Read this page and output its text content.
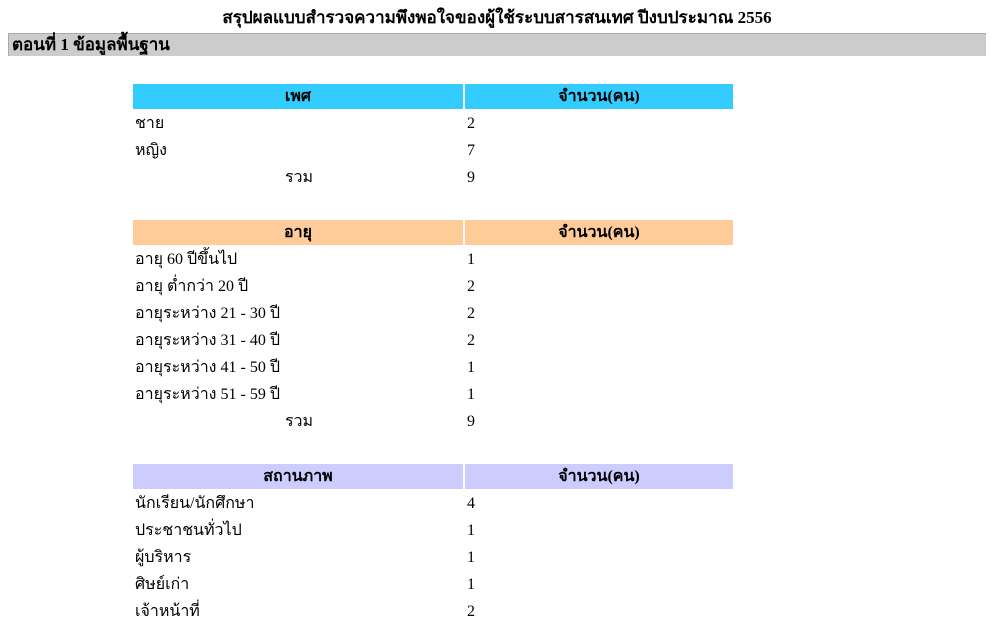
สรุปผลแบบสำรวจความพึงพอใจของผู้ใช้ระบบสารสนเทศ ปีงบประมาณ 2556
ตอนที่ 1 ข้อมูลพื้นฐาน
เพศ	จำนวน(คน)
ชาย	2
หญิง	7
รวม	9
อายุ	จำนวน(คน)
อายุ 60 ปีขึ้นไป	1
อายุ ต่ำกว่า 20 ปี	2
อายุระหว่าง 21 - 30 ปี	2
อายุระหว่าง 31 - 40 ปี	2
อายุระหว่าง 41 - 50 ปี	1
อายุระหว่าง 51 - 59 ปี	1
รวม	9
สถานภาพ	จำนวน(คน)
นักเรียน/นักศึกษา	4
ประชาชนทั่วไป	1
ผู้บริหาร	1
ศิษย์เก่า	1
เจ้าหน้าที่	2
